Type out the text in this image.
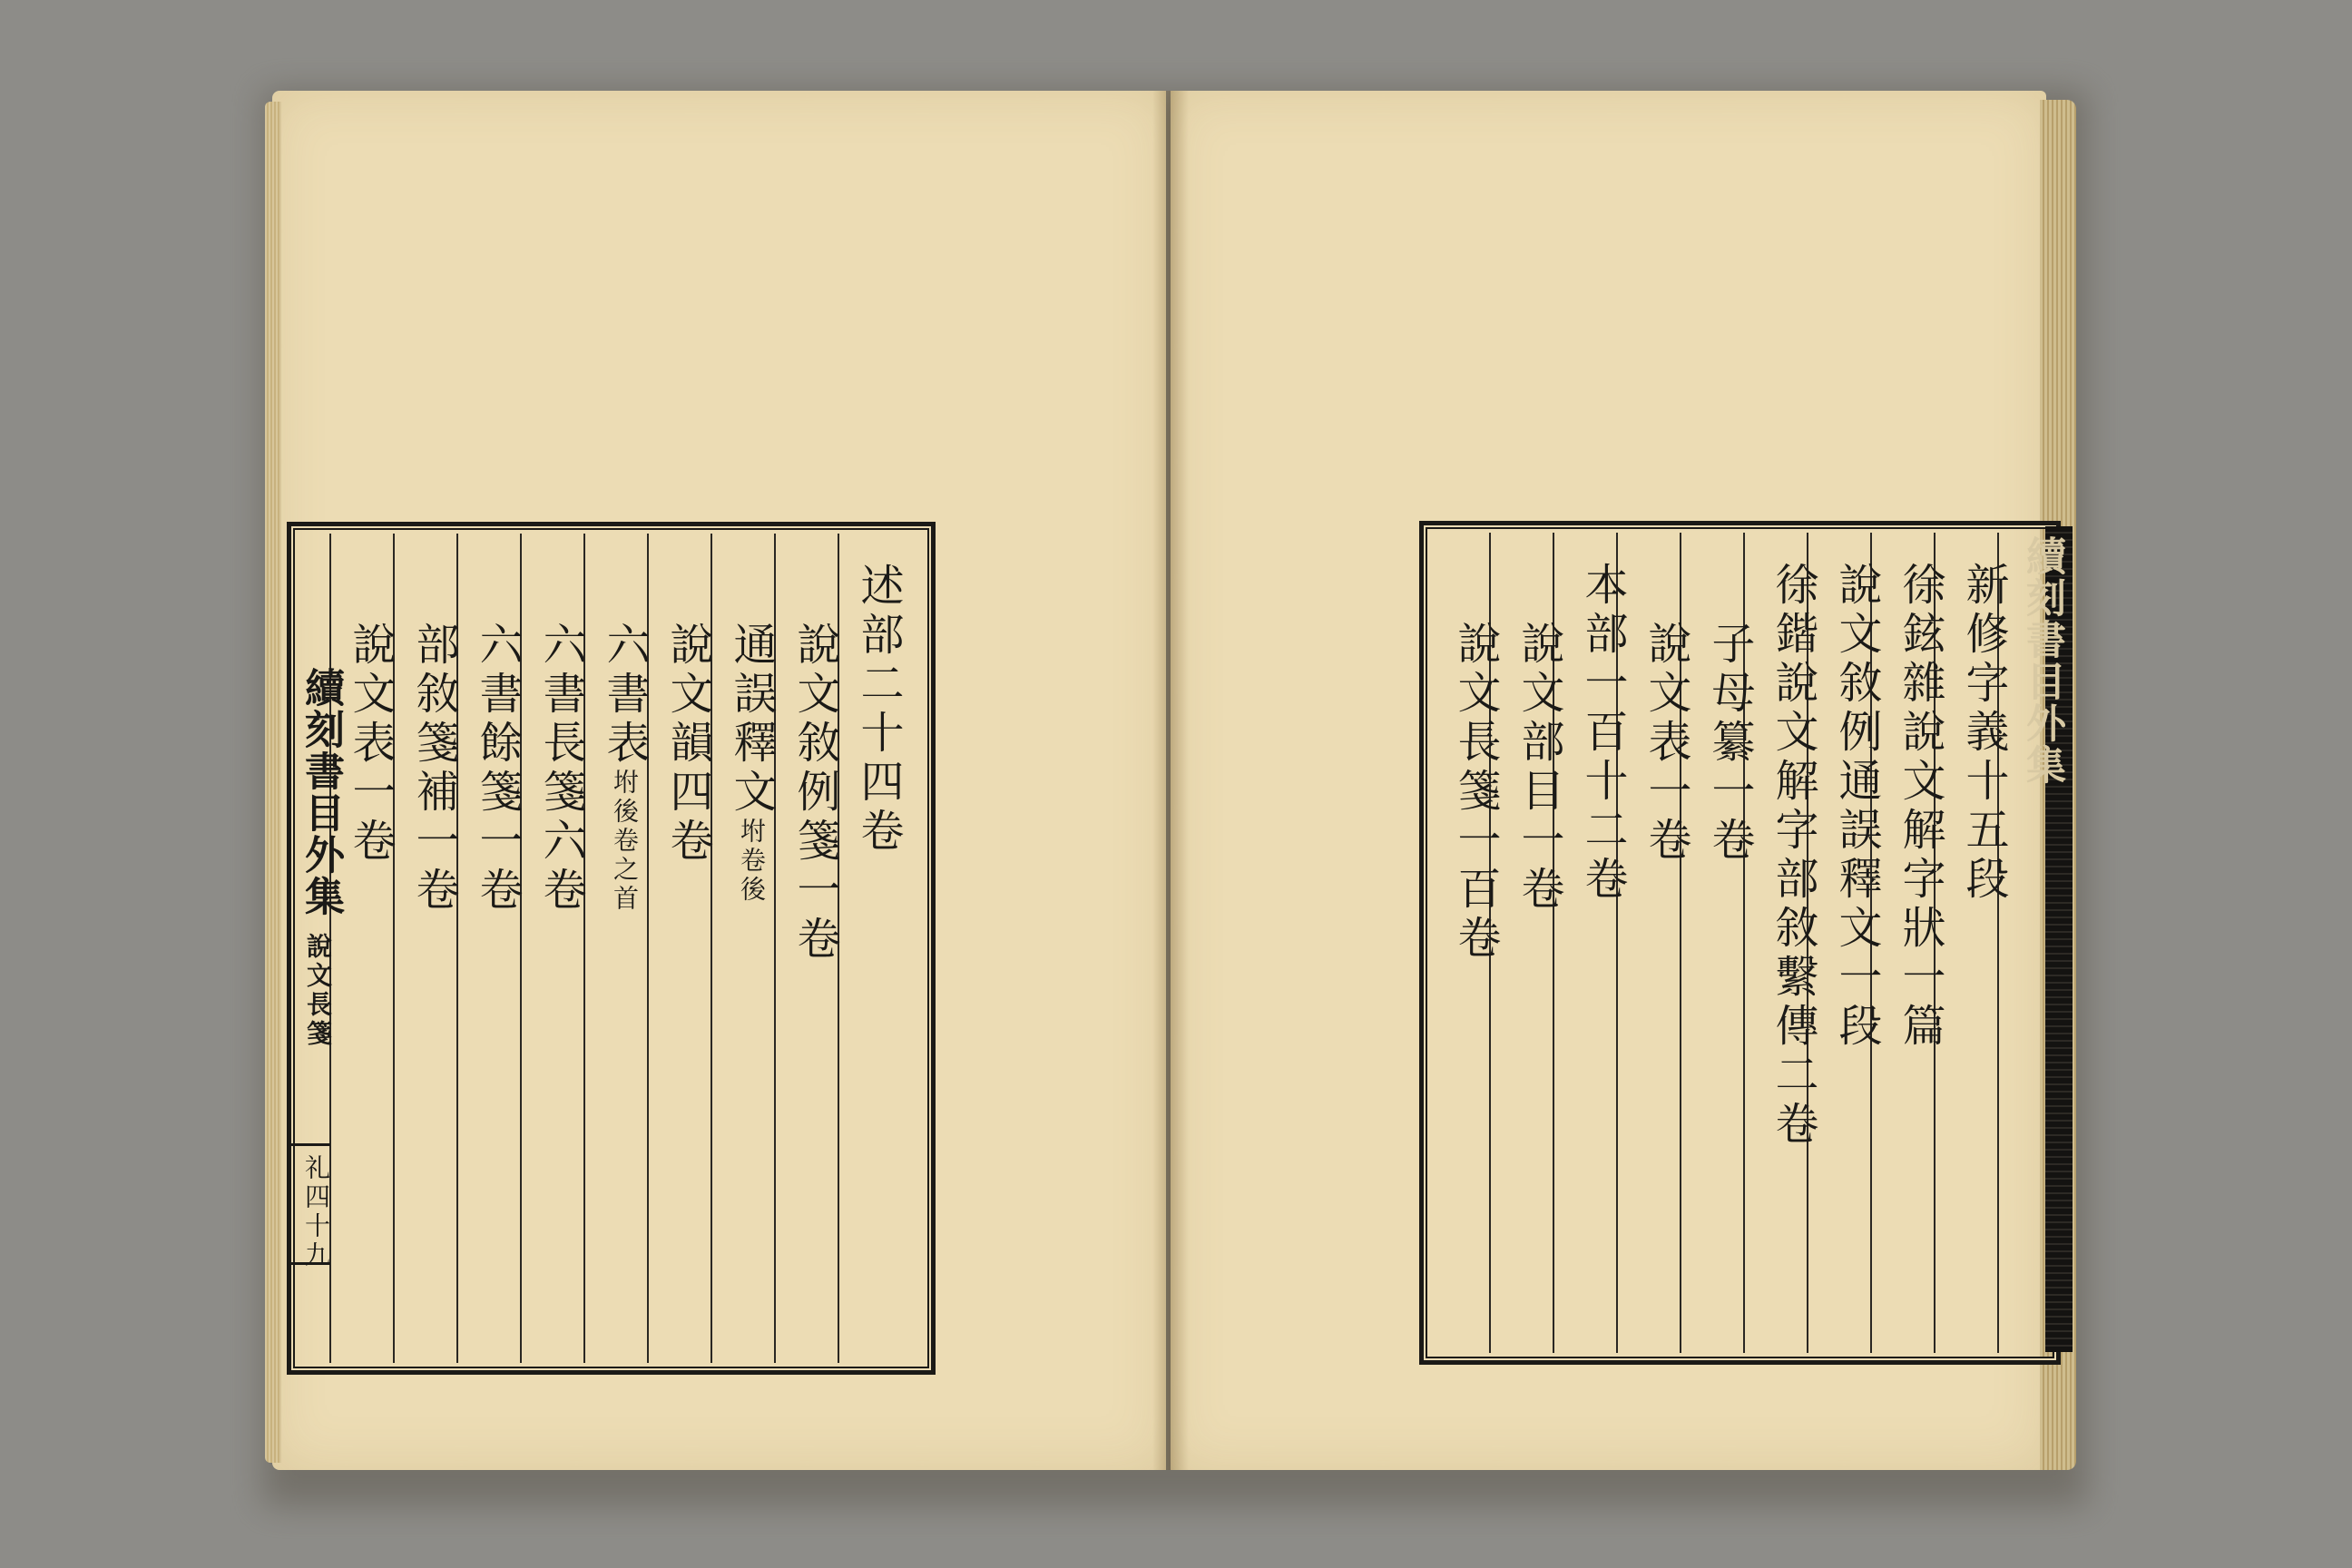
述部二十四卷
說文敘例箋一卷
通誤釋文坿卷後
說文韻四卷
六書表坿後卷之首
六書長箋六卷
六書餘箋一卷
部敘箋補一卷
說文表一卷
續刻書目外集
說文長箋
礼四十九
新修字義十五段
徐鉉雜說文解字狀一篇
說文敘例通誤釋文一段
徐鍇說文解字部敘繫傳二卷
子母纂一卷
說文表一卷
本部一百十二卷
說文部目一卷
說文長箋一百卷	續刻書目外集
